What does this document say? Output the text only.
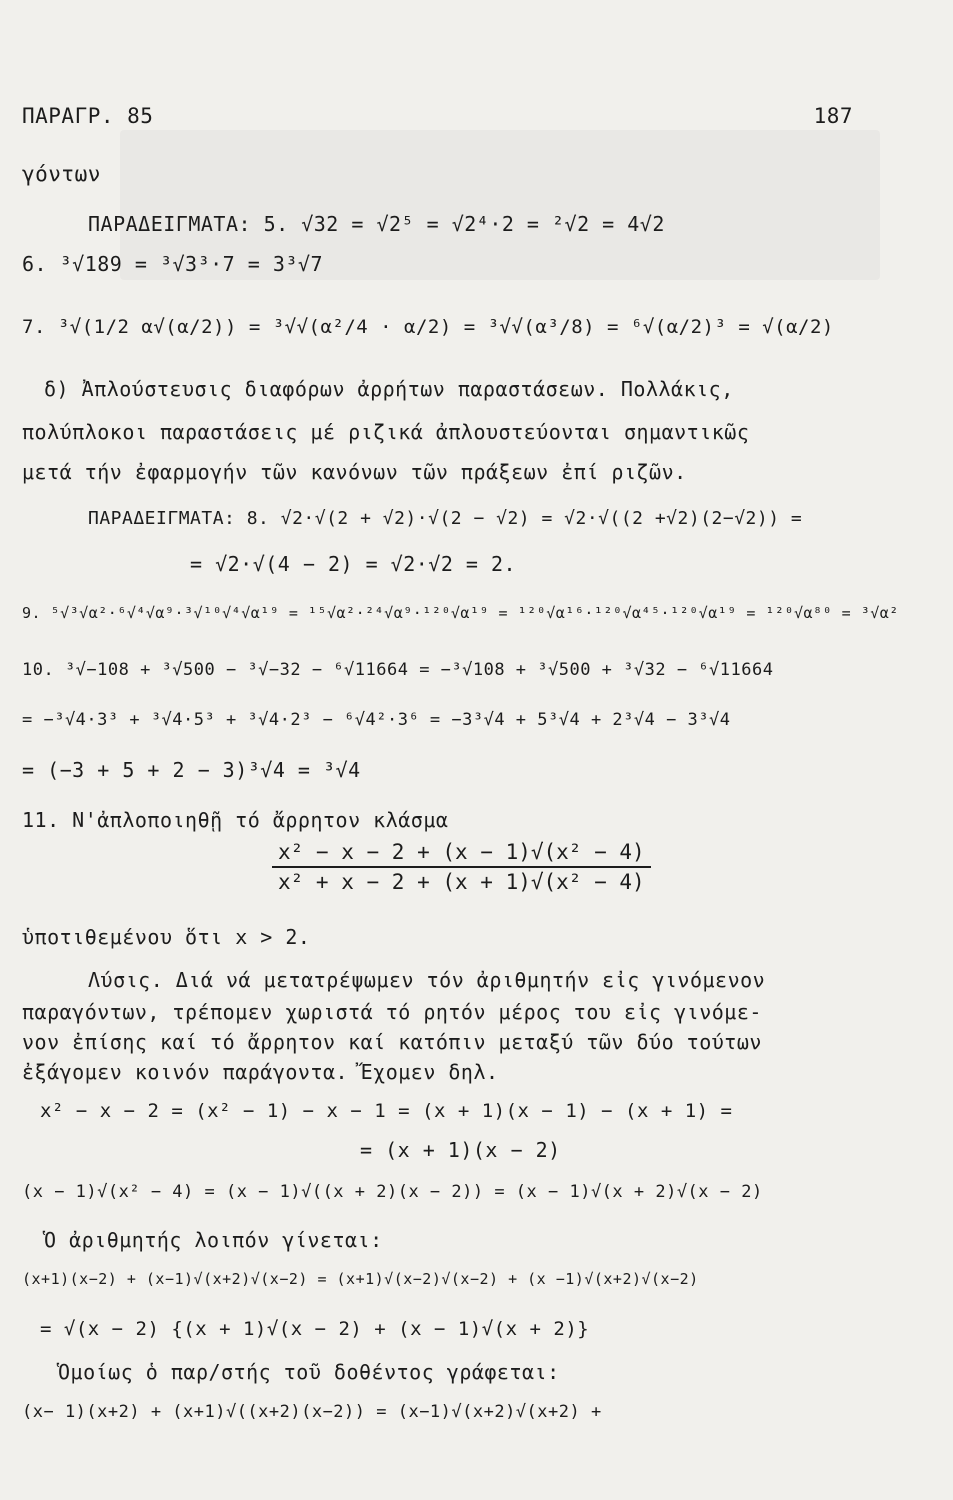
ΠΑΡΑΓΡ. 85	187
γόντων
ΠΑΡΑΔΕΙΓΜΑΤΑ: 5. √32 = √2⁵ = √2⁴·2 = ²√2 = 4√2
6. ³√189 = ³√3³·7 = 3³√7
7. ³√(1/2 α√(α/2)) = ³√√(α²/4 · α/2) = ³√√(α³/8) = ⁶√(α/2)³ = √(α/2)
δ) Ἀπλούστευσις διαφόρων ἀρρήτων παραστάσεων. Πολλάκις,
πολύπλοκοι παραστάσεις μέ ριζικά ἀπλουστεύονται σημαντικῶς
μετά τήν ἐφαρμογήν τῶν κανόνων τῶν πράξεων ἐπί ριζῶν.
ΠΑΡΑΔΕΙΓΜΑΤΑ: 8. √2·√(2 + √2)·√(2 − √2) = √2·√((2 +√2)(2−√2)) =
= √2·√(4 − 2) = √2·√2 = 2.
9. ⁵√³√α²·⁶√⁴√α⁹·³√¹⁰√⁴√α¹⁹ = ¹⁵√α²·²⁴√α⁹·¹²⁰√α¹⁹ = ¹²⁰√α¹⁶·¹²⁰√α⁴⁵·¹²⁰√α¹⁹ = ¹²⁰√α⁸⁰ = ³√α²
10. ³√−108 + ³√500 − ³√−32 − ⁶√11664 = −³√108 + ³√500 + ³√32 − ⁶√11664
= −³√4·3³ + ³√4·5³ + ³√4·2³ − ⁶√4²·3⁶ = −3³√4 + 5³√4 + 2³√4 − 3³√4
= (−3 + 5 + 2 − 3)³√4 = ³√4
11. Ν'ἀπλοποιηθῇ τό ἄρρητον κλάσμα
$\frac{\text{x² − x − 2 + (x − 1)√(x² − 4)}}{\text{x² + x − 2 + (x + 1)√(x² − 4)}}$
ὑποτιθεμένου ὅτι x > 2.
Λύσις. Διά νά μετατρέψωμεν τόν ἀριθμητήν εἰς γινόμενον
παραγόντων, τρέπομεν χωριστά τό ρητόν μέρος του εἰς γινόμε-
νον ἐπίσης καί τό ἄρρητον καί κατόπιν μεταξύ τῶν δύο τούτων
ἐξάγομεν κοινόν παράγοντα. Ἔχομεν δηλ.
x² − x − 2 = (x² − 1) − x − 1 = (x + 1)(x − 1) − (x + 1) =
= (x + 1)(x − 2)
(x − 1)√(x² − 4) = (x − 1)√((x + 2)(x − 2)) = (x − 1)√(x + 2)√(x − 2)
Ὁ ἀριθμητής λοιπόν γίνεται:
(x+1)(x−2) + (x−1)√(x+2)√(x−2) = (x+1)√(x−2)√(x−2) + (x −1)√(x+2)√(x−2)
= √(x − 2) {(x + 1)√(x − 2) + (x − 1)√(x + 2)}
Ὁμοίως ὁ παρ/στής τοῦ δοθέντος γράφεται:
(x− 1)(x+2) + (x+1)√((x+2)(x−2)) = (x−1)√(x+2)√(x+2) +
